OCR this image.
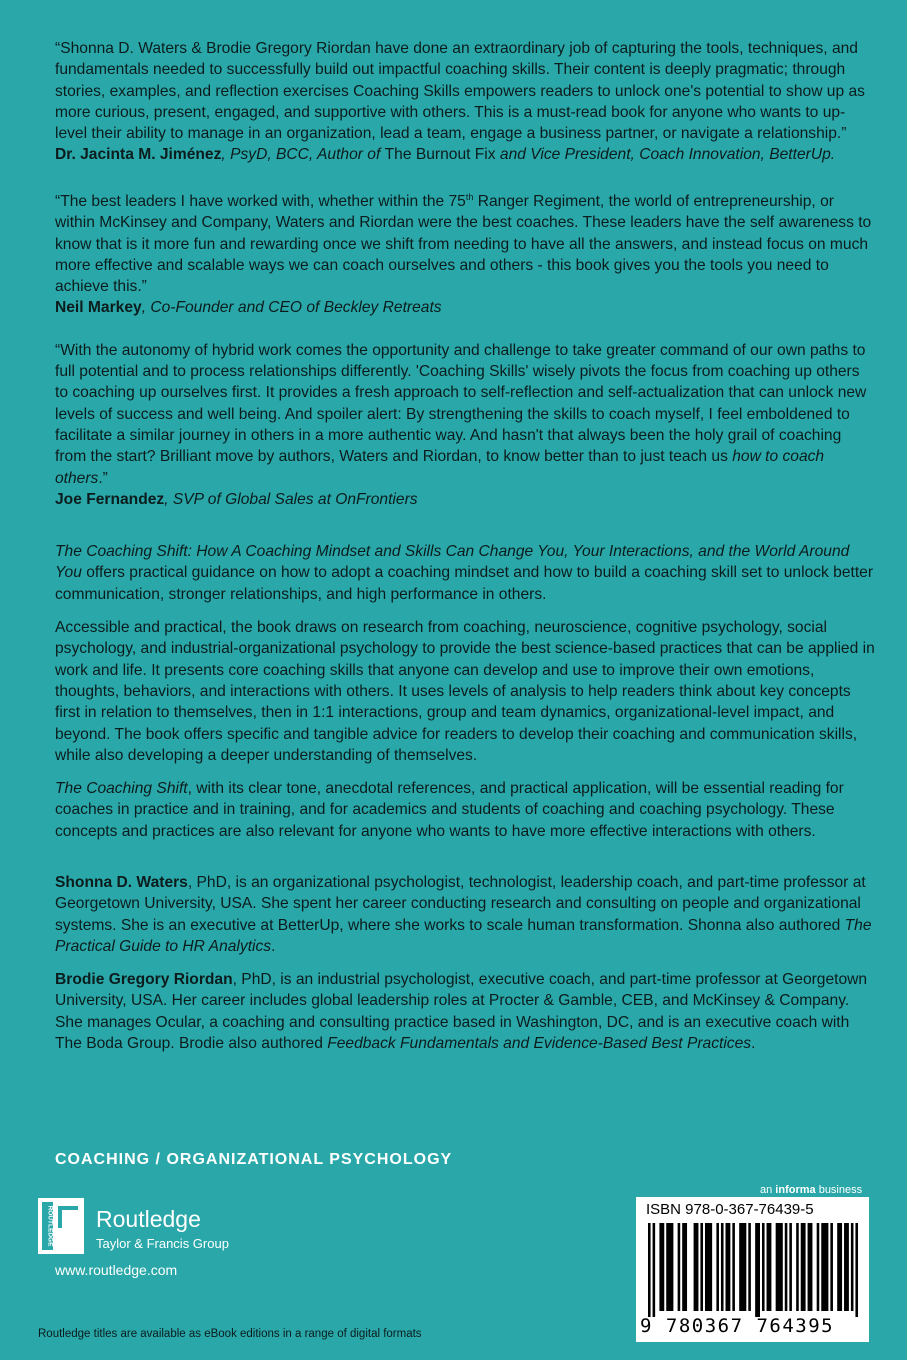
“Shonna D. Waters & Brodie Gregory Riordan have done an extraordinary job of capturing the tools, techniques, and fundamentals needed to successfully build out impactful coaching skills. Their content is deeply pragmatic; through stories, examples, and reflection exercises Coaching Skills empowers readers to unlock one's potential to show up as more curious, present, engaged, and supportive with others. This is a must-read book for anyone who wants to up-level their ability to manage in an organization, lead a team, engage a business partner, or navigate a relationship.”

Dr. Jacinta M. Jiménez, PsyD, BCC, Author of The Burnout Fix and Vice President, Coach Innovation, BetterUp.

“The best leaders I have worked with, whether within the 75th Ranger Regiment, the world of entrepreneurship, or within McKinsey and Company, Waters and Riordan were the best coaches. These leaders have the self awareness to know that is it more fun and rewarding once we shift from needing to have all the answers, and instead focus on much more effective and scalable ways we can coach ourselves and others - this book gives you the tools you need to achieve this.”

Neil Markey, Co-Founder and CEO of Beckley Retreats

“With the autonomy of hybrid work comes the opportunity and challenge to take greater command of our own paths to full potential and to process relationships differently. 'Coaching Skills' wisely pivots the focus from coaching up others to coaching up ourselves first. It provides a fresh approach to self-reflection and self-actualization that can unlock new levels of success and well being. And spoiler alert: By strengthening the skills to coach myself, I feel emboldened to facilitate a similar journey in others in a more authentic way. And hasn't that always been the holy grail of coaching from the start? Brilliant move by authors, Waters and Riordan, to know better than to just teach us how to coach others.”

Joe Fernandez, SVP of Global Sales at OnFrontiers

The Coaching Shift: How A Coaching Mindset and Skills Can Change You, Your Interactions, and the World Around You offers practical guidance on how to adopt a coaching mindset and how to build a coaching skill set to unlock better communication, stronger relationships, and high performance in others.

Accessible and practical, the book draws on research from coaching, neuroscience, cognitive psychology, social psychology, and industrial-organizational psychology to provide the best science-based practices that can be applied in work and life. It presents core coaching skills that anyone can develop and use to improve their own emotions, thoughts, behaviors, and interactions with others. It uses levels of analysis to help readers think about key concepts first in relation to themselves, then in 1:1 interactions, group and team dynamics, organizational-level impact, and beyond. The book offers specific and tangible advice for readers to develop their coaching and communication skills, while also developing a deeper understanding of themselves.

The Coaching Shift, with its clear tone, anecdotal references, and practical application, will be essential reading for coaches in practice and in training, and for academics and students of coaching and coaching psychology. These concepts and practices are also relevant for anyone who wants to have more effective interactions with others.

Shonna D. Waters, PhD, is an organizational psychologist, technologist, leadership coach, and part-time professor at Georgetown University, USA. She spent her career conducting research and consulting on people and organizational systems. She is an executive at BetterUp, where she works to scale human transformation. Shonna also authored The Practical Guide to HR Analytics.

Brodie Gregory Riordan, PhD, is an industrial psychologist, executive coach, and part-time professor at Georgetown University, USA. Her career includes global leadership roles at Procter & Gamble, CEB, and McKinsey & Company. She manages Ocular, a coaching and consulting practice based in Washington, DC, and is an executive coach with The Boda Group. Brodie also authored Feedback Fundamentals and Evidence-Based Best Practices.

COACHING / ORGANIZATIONAL PSYCHOLOGY
ROUTLEDGE Routledge
Taylor & Francis Group
www.routledge.com
Routledge titles are available as eBook editions in a range of digital formats
an informa business
ISBN 978-0-367-76439-5
9 780367 764395
